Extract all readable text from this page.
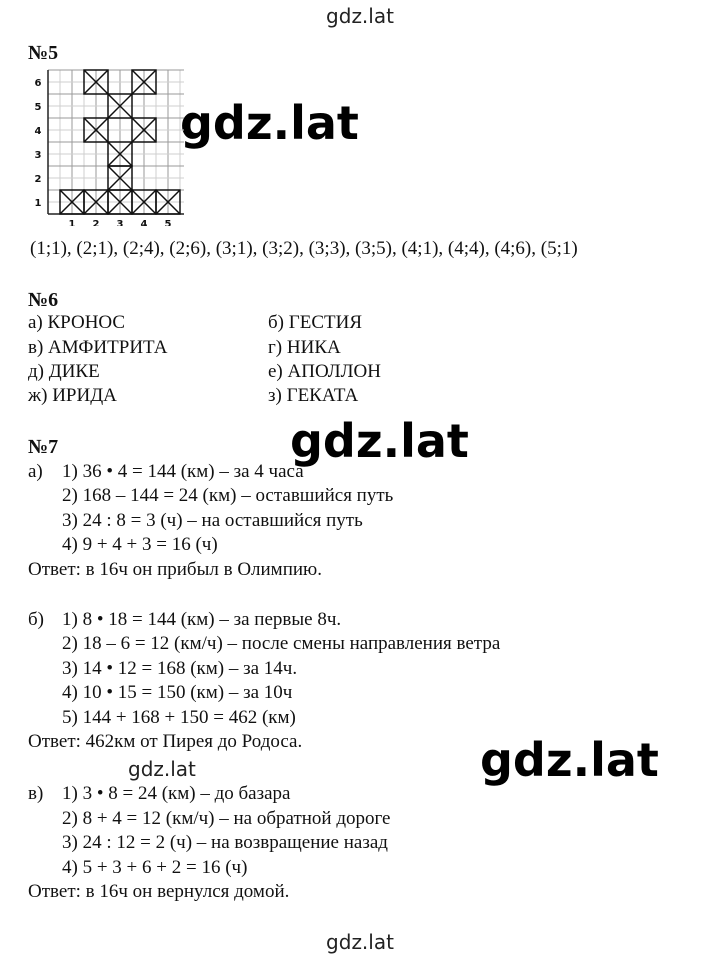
gdz.lat
gdz.lat
gdz.lat
gdz.lat
gdz.lat
gdz.lat
№5
6
5
4
3
2
1
1 2 3 4 5
(1;1), (2;1), (2;4), (2;6), (3;1), (3;2), (3;3), (3;5), (4;1), (4;4), (4;6), (5;1)
№6
а) КРОНОС
в) АМФИТРИТА
д) ДИКЕ
ж) ИРИДА
б) ГЕСТИЯ
г) НИКА
е) АПОЛЛОН
з) ГЕКАТА
№7
а) 1) 36 • 4 = 144 (км) – за 4 часа
2) 168 – 144 = 24 (км) – оставшийся путь
3) 24 : 8 = 3 (ч) – на оставшийся путь
4) 9 + 4 + 3 = 16 (ч)
Ответ: в 16ч он прибыл в Олимпию.
б) 1) 8 • 18 = 144 (км) – за первые 8ч.
2) 18 – 6 = 12 (км/ч) – после смены направления ветра
3) 14 • 12 = 168 (км) – за 14ч.
4) 10 • 15 = 150 (км) – за 10ч
5) 144 + 168 + 150 = 462 (км)
Ответ: 462км от Пирея до Родоса.
в) 1) 3 • 8 = 24 (км) – до базара
2) 8 + 4 = 12 (км/ч) – на обратной дороге
3) 24 : 12 = 2 (ч) – на возвращение назад
4) 5 + 3 + 6 + 2 = 16 (ч)
Ответ: в 16ч он вернулся домой.
